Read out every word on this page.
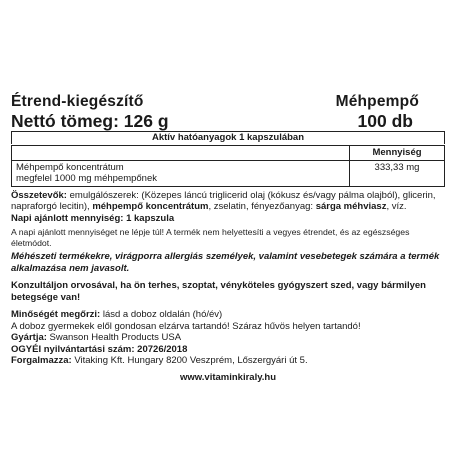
Étrend-kiegészítő	Méhpempő
Nettó tömeg: 126 g	100 db
Aktív hatóanyagok 1 kapszulában
	Mennyiség

Méhpempő koncentrátum
megfelel 1000 mg méhpempőnek	333,33 mg
Összetevők: emulgálószerek: (Közepes láncú triglicerid olaj (kókusz és/vagy pálma olajból), glicerin, napraforgó lecitin), méhpempő koncentrátum, zselatin, fényezőanyag: sárga méhviasz, víz.
Napi ajánlott mennyiség: 1 kapszula
A napi ajánlott mennyiséget ne lépje túl! A termék nem helyettesíti a vegyes étrendet, és az egészséges életmódot.
Méhészeti termékekre, virágporra allergiás személyek, valamint vesebetegek számára a termék alkalmazása nem javasolt.
Konzultáljon orvosával, ha ön terhes, szoptat, vényköteles gyógyszert szed, vagy bármilyen betegsége van!
Minőségét megőrzi: lásd a doboz oldalán (hó/év)
A doboz gyermekek elől gondosan elzárva tartandó! Száraz hűvös helyen tartandó!
Gyártja: Swanson Health Products USA
OGYÉI nyilvántartási szám: 20726/2018
Forgalmazza: Vitaking Kft. Hungary 8200 Veszprém, Lőszergyári út 5.
www.vitaminkiraly.hu
